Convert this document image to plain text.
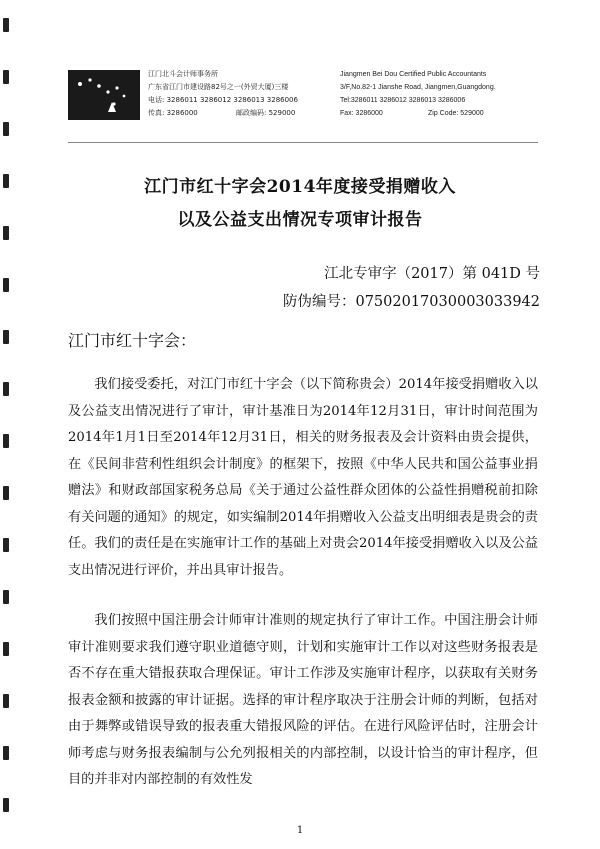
江门北斗会计师事务所
广东省江门市建设路82号之一(外贸大厦)三楼
电话: 3286011 3286012 3286013 3286006
传真: 3286000	邮政编码: 529000
Jiangmen Bei Dou Certified Public Accountants
3/F,No.82-1 Jianshe Road, Jiangmen,Guangdong.
Tel:3286011 3286012 3286013 3286006
Fax: 3286000	Zip Code: 529000
江门市红十字会2014年度接受捐赠收入
以及公益支出情况专项审计报告
江北专审字（2017）第 041D 号
防伪编号：07502017030003033942
江门市红十字会：

我们接受委托，对江门市红十字会（以下简称贵会）2014年接受捐赠收入以及公益支出情况进行了审计，审计基准日为2014年12月31日，审计时间范围为2014年1月1日至2014年12月31日，相关的财务报表及会计资料由贵会提供，在《民间非营利性组织会计制度》的框架下，按照《中华人民共和国公益事业捐赠法》和财政部国家税务总局《关于通过公益性群众团体的公益性捐赠税前扣除有关问题的通知》的规定，如实编制2014年捐赠收入公益支出明细表是贵会的责任。我们的责任是在实施审计工作的基础上对贵会2014年接受捐赠收入以及公益支出情况进行评价，并出具审计报告。

我们按照中国注册会计师审计准则的规定执行了审计工作。中国注册会计师审计准则要求我们遵守职业道德守则，计划和实施审计工作以对这些财务报表是否不存在重大错报获取合理保证。审计工作涉及实施审计程序，以获取有关财务报表金额和披露的审计证据。选择的审计程序取决于注册会计师的判断，包括对由于舞弊或错误导致的报表重大错报风险的评估。在进行风险评估时，注册会计师考虑与财务报表编制与公允列报相关的内部控制，以设计恰当的审计程序，但目的并非对内部控制的有效性发

1
